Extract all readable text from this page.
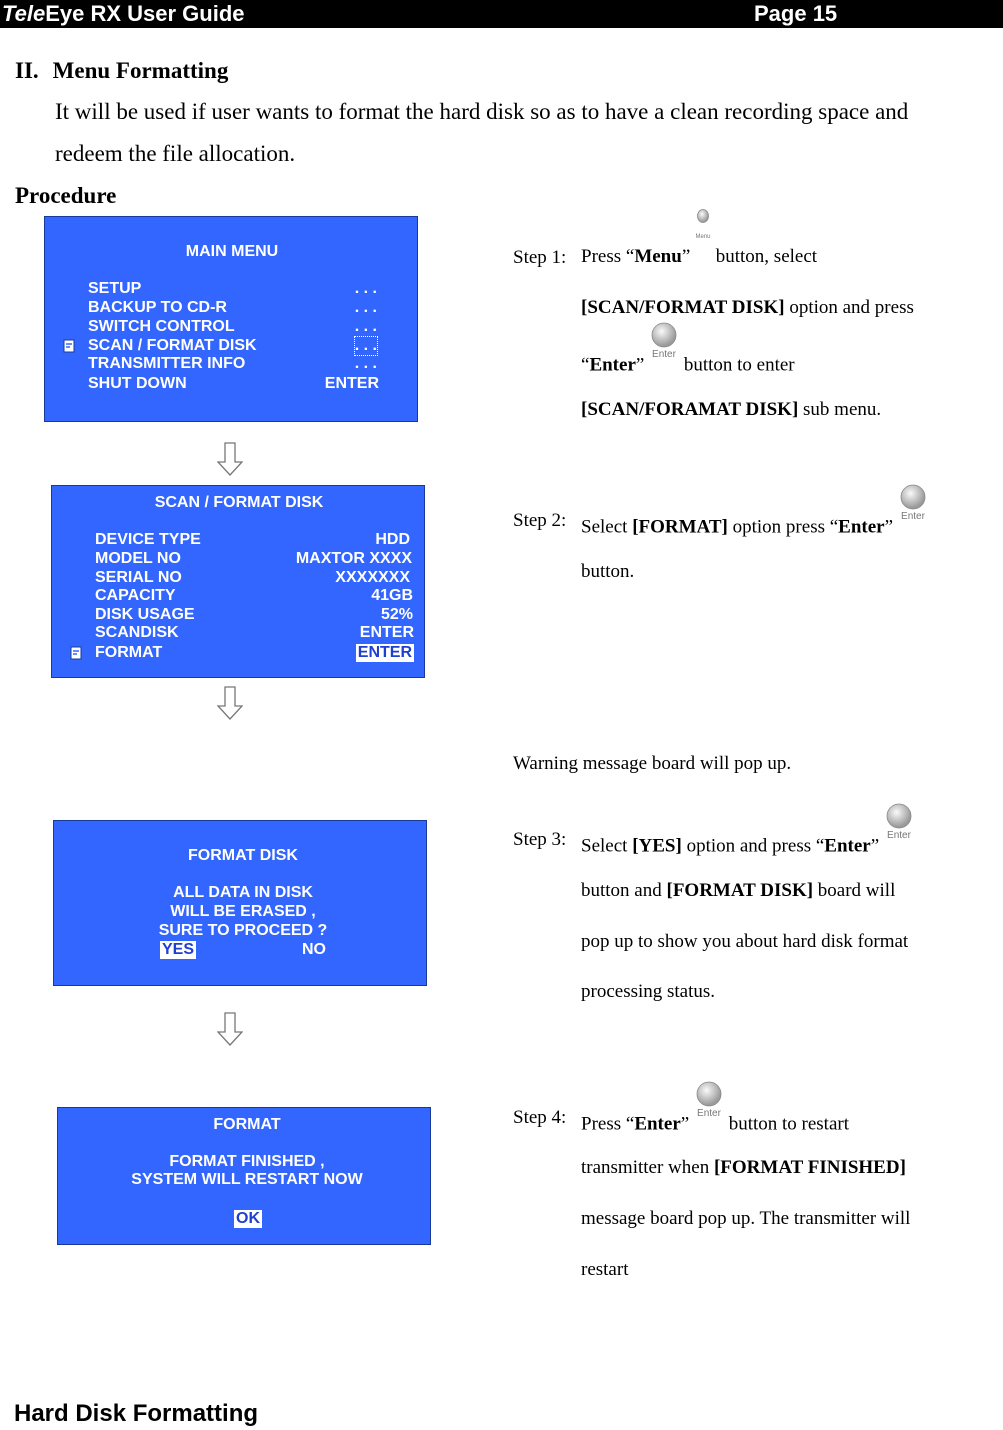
TeleEye RX User Guide	Page 15
II. Menu Formatting
It will be used if user wants to format the hard disk so as to have a clean recording space and
redeem the file allocation.
Procedure
MAIN MENU
SETUP	. . .
BACKUP TO CD-R	. . .
SWITCH CONTROL	. . .
SCAN / FORMAT DISK	. . .
TRANSMITTER INFO	. . .
SHUT DOWN	ENTER
SCAN / FORMAT DISK
DEVICE TYPE	HDD
MODEL NO	MAXTOR XXXX
SERIAL NO	XXXXXXX
CAPACITY	41GB
DISK USAGE	52%
SCANDISK	ENTER
FORMAT	ENTER
FORMAT DISK
ALL DATA IN DISK
WILL BE ERASED ,
SURE TO PROCEED ?
YES	NO
FORMAT
FORMAT FINISHED ,
SYSTEM WILL RESTART NOW
OK
Step 1: Press “Menu”
Menu
button, select
[SCAN/FORMAT DISK] option and press
“Enter” Enter button to enter
[SCAN/FORAMAT DISK] sub menu.
Step 2: Select [FORMAT] option press “Enter” Enter
button.
Warning message board will pop up.
Step 3: Select [YES] option and press “Enter” Enter
button and [FORMAT DISK] board will
pop up to show you about hard disk format
processing status.
Step 4: Press “Enter” Enter button to restart
transmitter when [FORMAT FINISHED]
message board pop up. The transmitter will
restart
Hard Disk Formatting
